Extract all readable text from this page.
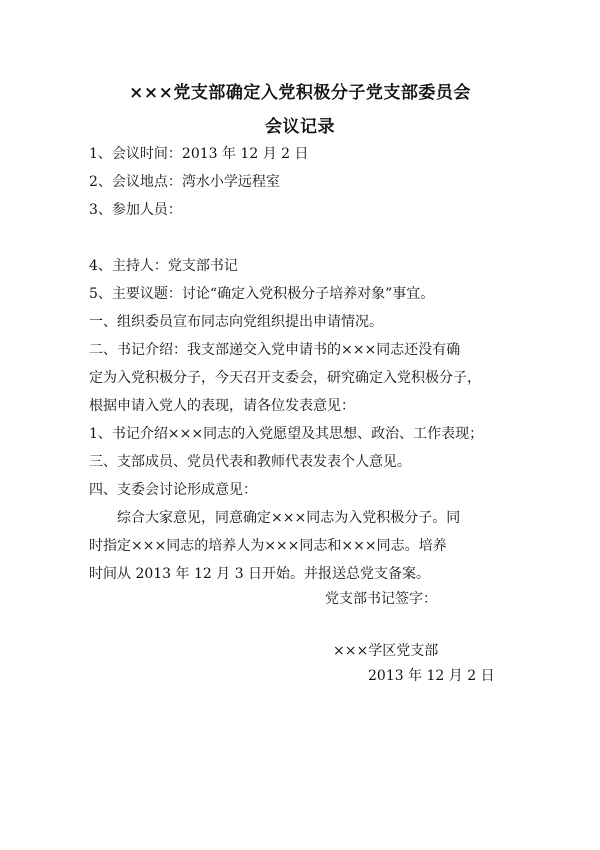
×××党支部确定入党积极分子党支部委员会
会议记录
1、会议时间：2013 年 12 月 2 日
2、会议地点：湾水小学远程室
3、参加人员：
4、主持人：党支部书记
5、主要议题：讨论“确定入党积极分子培养对象”事宜。
一、组织委员宣布同志向党组织提出申请情况。
二、书记介绍：我支部递交入党申请书的×××同志还没有确
定为入党积极分子，今天召开支委会，研究确定入党积极分子，
根据申请入党人的表现，请各位发表意见：
1、书记介绍×××同志的入党愿望及其思想、政治、工作表现；
三、支部成员、党员代表和教师代表发表个人意见。
四、支委会讨论形成意见：
综合大家意见，同意确定×××同志为入党积极分子。同
时指定×××同志的培养人为×××同志和×××同志。培养
时间从 2013 年 12 月 3 日开始。并报送总党支备案。
党支部书记签字：
×××学区党支部
2013 年 12 月 2 日
